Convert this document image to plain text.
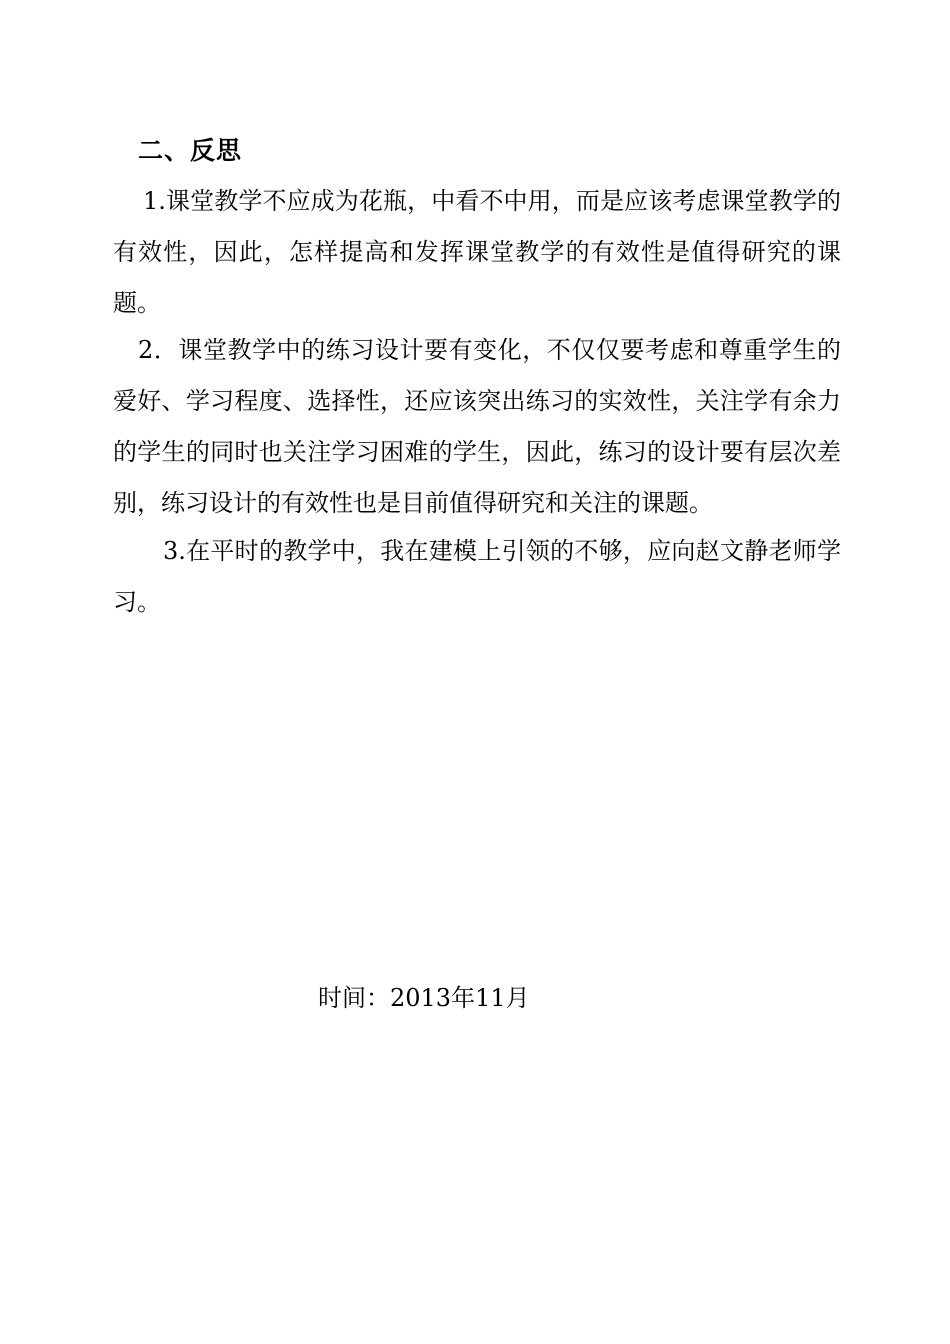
二、反思
1.课堂教学不应成为花瓶，中看不中用，而是应该考虑课堂教学的有效性，因此，怎样提高和发挥课堂教学的有效性是值得研究的课题。
2．课堂教学中的练习设计要有变化，不仅仅要考虑和尊重学生的爱好、学习程度、选择性，还应该突出练习的实效性，关注学有余力的学生的同时也关注学习困难的学生，因此，练习的设计要有层次差别，练习设计的有效性也是目前值得研究和关注的课题。
3.在平时的教学中，我在建模上引领的不够，应向赵文静老师学习。
时间：2013年11月
